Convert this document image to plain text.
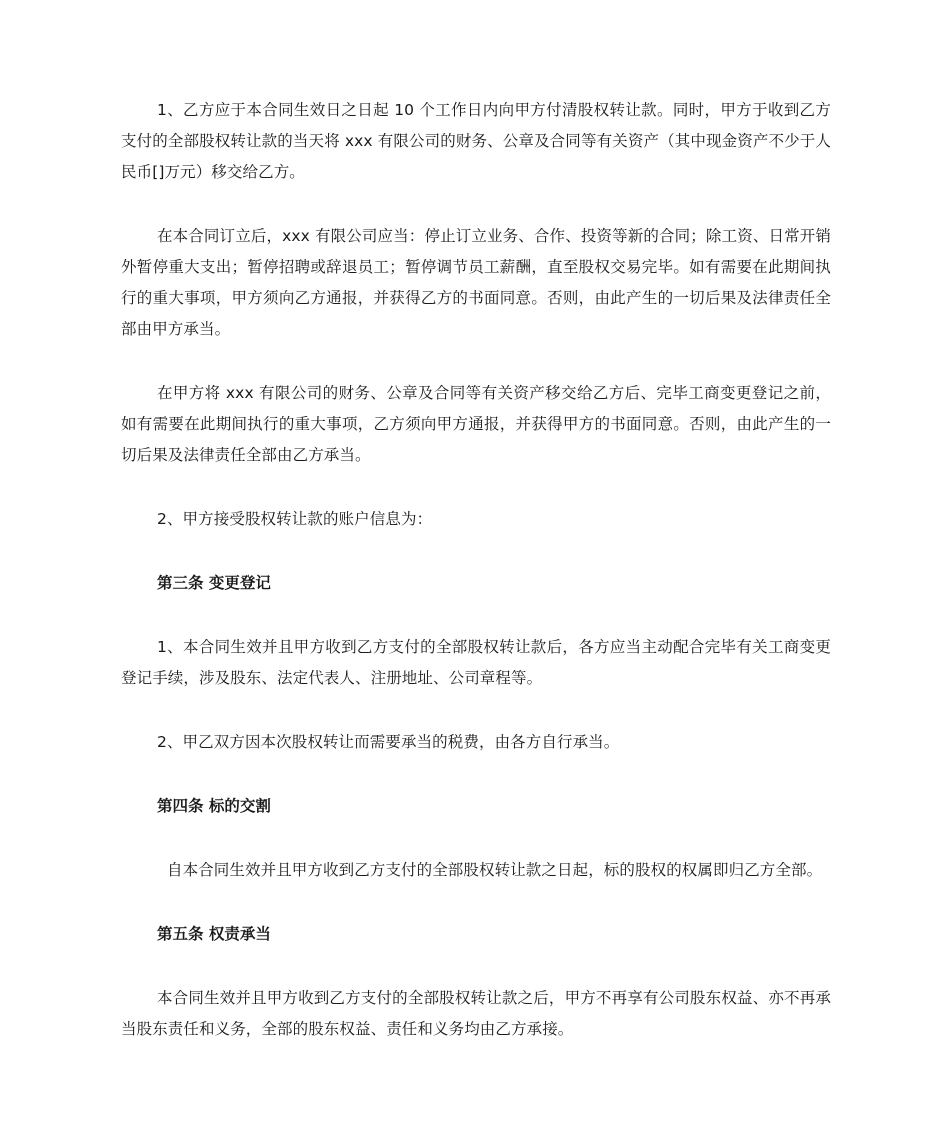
1、乙方应于本合同生效日之日起 10 个工作日内向甲方付清股权转让款。同时，甲方于收到乙方支付的全部股权转让款的当天将 xxx 有限公司的财务、公章及合同等有关资产（其中现金资产不少于人民币[]万元）移交给乙方。

在本合同订立后，xxx 有限公司应当：停止订立业务、合作、投资等新的合同；除工资、日常开销外暂停重大支出；暂停招聘或辞退员工；暂停调节员工薪酬，直至股权交易完毕。如有需要在此期间执行的重大事项，甲方须向乙方通报，并获得乙方的书面同意。否则，由此产生的一切后果及法律责任全部由甲方承当。

在甲方将 xxx 有限公司的财务、公章及合同等有关资产移交给乙方后、完毕工商变更登记之前，如有需要在此期间执行的重大事项，乙方须向甲方通报，并获得甲方的书面同意。否则，由此产生的一切后果及法律责任全部由乙方承当。

2、甲方接受股权转让款的账户信息为：

第三条 变更登记

1、本合同生效并且甲方收到乙方支付的全部股权转让款后，各方应当主动配合完毕有关工商变更登记手续，涉及股东、法定代表人、注册地址、公司章程等。

2、甲乙双方因本次股权转让而需要承当的税费，由各方自行承当。

第四条 标的交割

自本合同生效并且甲方收到乙方支付的全部股权转让款之日起，标的股权的权属即归乙方全部。

第五条 权责承当

本合同生效并且甲方收到乙方支付的全部股权转让款之后，甲方不再享有公司股东权益、亦不再承当股东责任和义务，全部的股东权益、责任和义务均由乙方承接。
